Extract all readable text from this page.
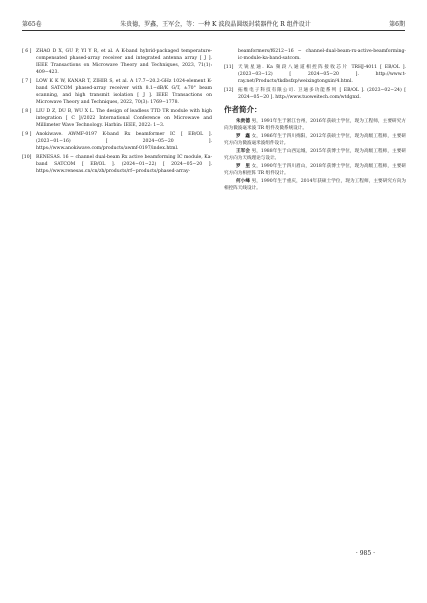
第65卷	朱贵德，罗鑫，王军会，等：一种 K 波段晶圆级封装器件化 R 组件设计	第6期
[ 6 ] ZHAO D X, GU P, YI Y R, et al. A K-band hybrid-packaged temperature-compensated phased-array receiver and integrated antenna array [ J ]. IEEE Transactions on Microwave Theory and Techniques, 2023, 71(1): 409−423.
[ 7 ] LOW K K W, KANAR T, ZIHIR S, et al. A 17.7−20.2-GHz 1024-element K-band SATCOM phased-array receiver with 8.1−dB/K G/T, ±70° beam scanning, and high transmit isolation [ J ]. IEEE Transactions on Microwave Theory and Techniques, 2022, 70(3): 1769−1778.
[ 8 ] LIU D Z, DU B, WU X L. The design of leadless TTD TR module with high integration [ C ]//2022 International Conference on Microwave and Millimeter Wave Technology. Harbin: IEEE, 2022: 1−3.
[ 9 ] Anokiwave. AWMF-0197 K-band Rx beamformer IC [ EB/OL ]. (2023−01−16) [ 2024−05−20 ]. https://www.anokiwave.com/products/awmf-0197/index.html.
[10] RENESAS. 16 − channel dual-beam Rx active beamforming IC module, Ka-band SATCOM [ EB/OL ]. (2024−01−22) [ 2024−05−20 ]. https://www.renesas.cn/cn/zh/products/rf−products/phased-array-
beamformers/f6212−16 − channel-dual-beam-rx-active-beamforming-ic-module-ka-band-satcom.
[11] 天锐星通. Ka 频段八通道相控阵接收芯片 TRHJ-4011 [ EB/OL ]. (2023−03−12) [ 2024−05−20 ]. http://www.t-ray.net/Products/tkdbsfzp/weixingtongxin/4.html.
[12] 拓维电子科技有限公司. 卫通多功能系列 [ EB/OL ]. (2023−02−24) [ 2024−05−20 ]. http://www.tuoweitech.com/wtdgnxl.
作者简介：
朱贵德 男，1991年生于浙江台州，2016年获硕士学位，现为工程师，主要研究方向为微波毫米波 TR 组件及微系统设计。
罗　鑫 女，1986年生于四川绵阳，2012年获硕士学位，现为高级工程师，主要研究方向为微波毫米波组件设计。
王军会 男，1988年生于山西运城，2015年获博士学位，现为高级工程师，主要研究方向为天线理论与设计。
罗　里 女，1990年生于四川眉山，2018年获博士学位，现为高级工程师，主要研究方向为相控阵 TR 组件设计。
何小峰 男，1990年生于重庆，2014年获硕士学位，现为工程师，主要研究方向为相控阵天线设计。
· 985 ·
